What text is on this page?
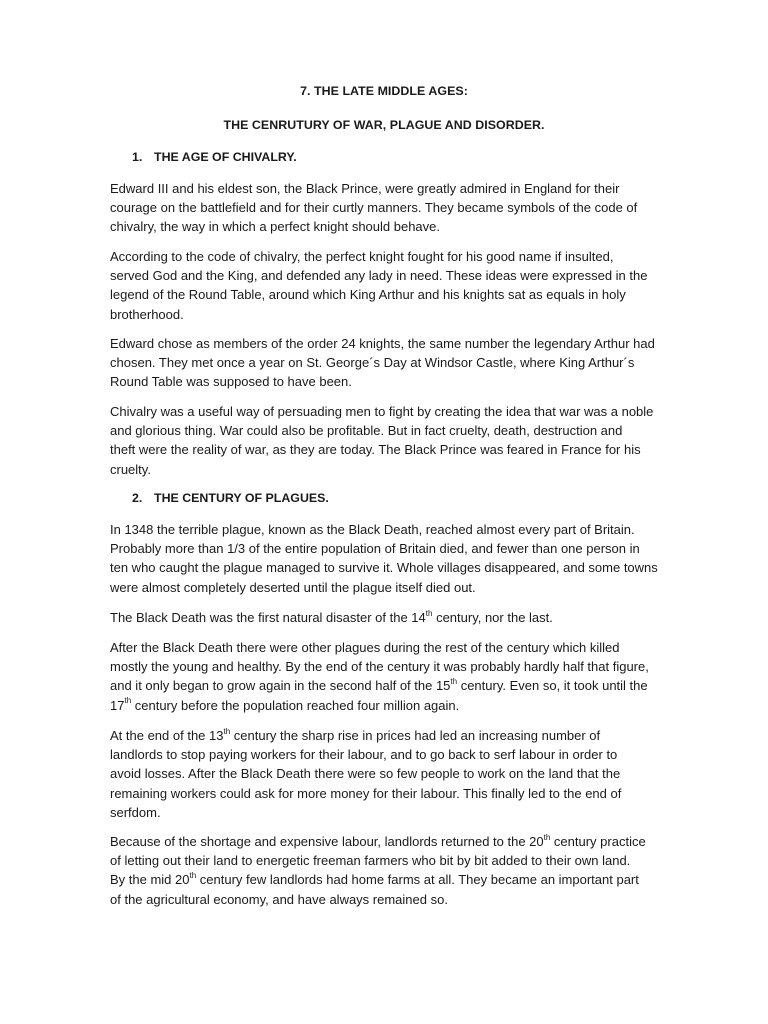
7. THE LATE MIDDLE AGES:
THE CENRUTURY OF WAR, PLAGUE AND DISORDER.
1. THE AGE OF CHIVALRY.

Edward III and his eldest son, the Black Prince, were greatly admired in England for their
courage on the battlefield and for their curtly manners. They became symbols of the code of
chivalry, the way in which a perfect knight should behave.

According to the code of chivalry, the perfect knight fought for his good name if insulted,
served God and the King, and defended any lady in need. These ideas were expressed in the
legend of the Round Table, around which King Arthur and his knights sat as equals in holy
brotherhood.

Edward chose as members of the order 24 knights, the same number the legendary Arthur had
chosen. They met once a year on St. George´s Day at Windsor Castle, where King Arthur´s
Round Table was supposed to have been.

Chivalry was a useful way of persuading men to fight by creating the idea that war was a noble
and glorious thing. War could also be profitable. But in fact cruelty, death, destruction and
theft were the reality of war, as they are today. The Black Prince was feared in France for his
cruelty.

2. THE CENTURY OF PLAGUES.

In 1348 the terrible plague, known as the Black Death, reached almost every part of Britain.
Probably more than 1/3 of the entire population of Britain died, and fewer than one person in
ten who caught the plague managed to survive it. Whole villages disappeared, and some towns
were almost completely deserted until the plague itself died out.

The Black Death was the first natural disaster of the 14th century, nor the last.

After the Black Death there were other plagues during the rest of the century which killed
mostly the young and healthy. By the end of the century it was probably hardly half that figure,
and it only began to grow again in the second half of the 15th century. Even so, it took until the
17th century before the population reached four million again.

At the end of the 13th century the sharp rise in prices had led an increasing number of
landlords to stop paying workers for their labour, and to go back to serf labour in order to
avoid losses. After the Black Death there were so few people to work on the land that the
remaining workers could ask for more money for their labour. This finally led to the end of
serfdom.

Because of the shortage and expensive labour, landlords returned to the 20th century practice
of letting out their land to energetic freeman farmers who bit by bit added to their own land.
By the mid 20th century few landlords had home farms at all. They became an important part
of the agricultural economy, and have always remained so.
